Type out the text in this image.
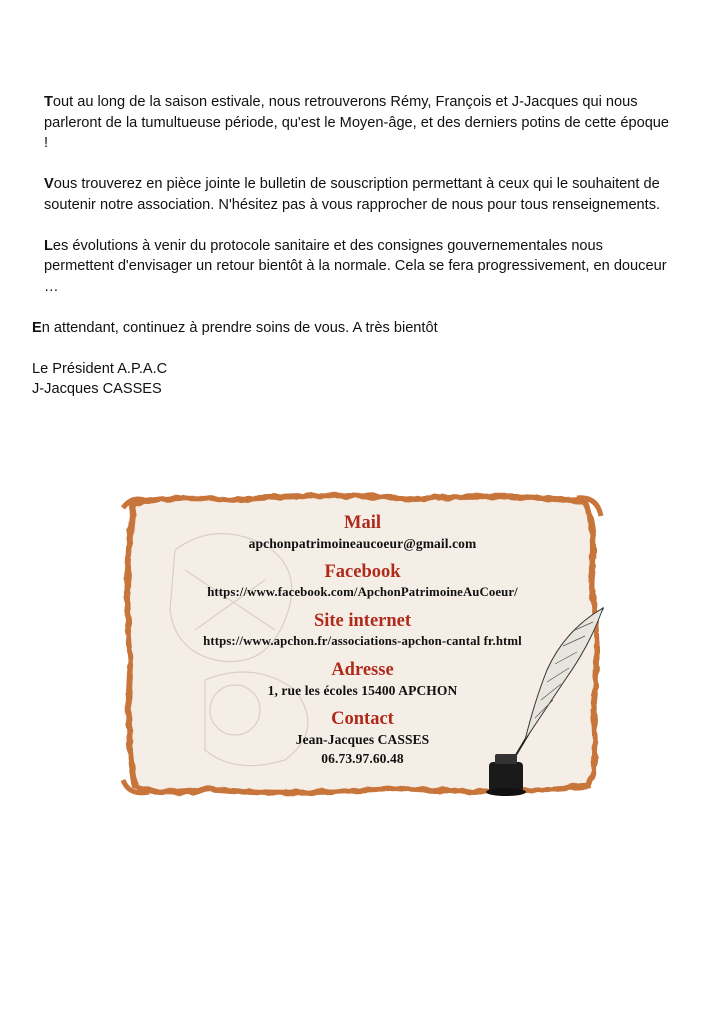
Tout au long de la saison estivale, nous retrouverons Rémy, François et J-Jacques qui nous parleront de la tumultueuse période, qu'est le Moyen-âge, et des derniers potins de cette époque !

Vous trouverez en pièce jointe le bulletin de souscription permettant à ceux qui le souhaitent de soutenir notre association. N'hésitez pas à vous rapprocher de nous pour tous renseignements.

Les évolutions à venir du protocole sanitaire et des consignes gouvernementales nous permettent d'envisager un retour bientôt à la normale. Cela se fera progressivement, en douceur …

En attendant, continuez à prendre soins de vous. A très bientôt

Le Président A.P.A.C

J-Jacques CASSES

Mail

apchonpatrimoineaucoeur@gmail.com

Facebook

https://www.facebook.com/ApchonPatrimoineAuCoeur/

Site internet

https://www.apchon.fr/associations-apchon-cantal fr.html

Adresse

1, rue les écoles 15400 APCHON

Contact

Jean-Jacques CASSES

06.73.97.60.48
